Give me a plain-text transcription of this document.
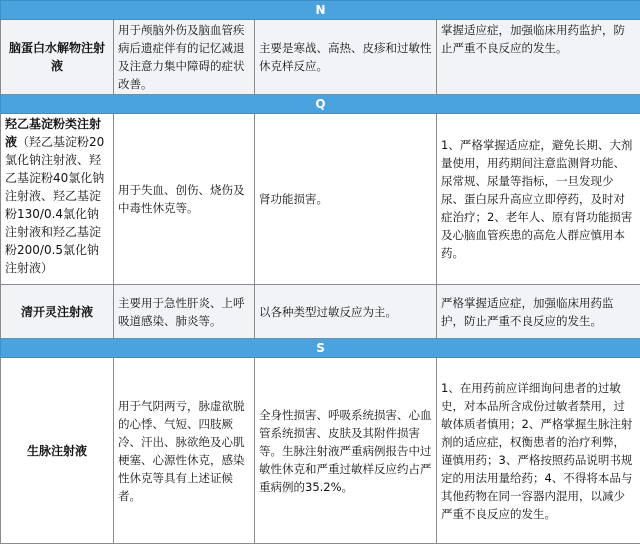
N			
脑蛋白水解物注射液	用于颅脑外伤及脑血管疾病后遗症伴有的记忆减退及注意力集中障碍的症状改善。	主要是寒战、高热、皮疹和过敏性休克样反应。	掌握适应症，加强临床用药监护，防止严重不良反应的发生。
Q			
羟乙基淀粉类注射液（羟乙基淀粉20氯化钠注射液、羟乙基淀粉40氯化钠注射液、羟乙基淀粉130/0.4氯化钠注射液和羟乙基淀粉200/0.5氯化钠注射液）	用于失血、创伤、烧伤及中毒性休克等。	肾功能损害。	1、严格掌握适应症，避免长期、大剂量使用，用药期间注意监测肾功能、尿常规、尿量等指标，一旦发现少尿、蛋白尿升高应立即停药，及时对症治疗；2、老年人、原有肾功能损害及心脑血管疾患的高危人群应慎用本药。
清开灵注射液	主要用于急性肝炎、上呼吸道感染、肺炎等。	以各种类型过敏反应为主。	严格掌握适应症，加强临床用药监护，防止严重不良反应的发生。
S			
生脉注射液	用于气阴两亏，脉虚欲脱的心悸、气短、四肢厥冷、汗出、脉欲绝及心肌梗塞、心源性休克，感染性休克等具有上述证候者。	全身性损害、呼吸系统损害、心血管系统损害、皮肤及其附件损害等。生脉注射液严重病例报告中过敏性休克和严重过敏样反应约占严重病例的35.2%。	1、在用药前应详细询问患者的过敏史，对本品所含成份过敏者禁用，过敏体质者慎用；2、严格掌握生脉注射剂的适应症，权衡患者的治疗利弊，谨慎用药；3、严格按照药品说明书规定的用法用量给药；4、不得将本品与其他药物在同一容器内混用，以减少严重不良反应的发生。
